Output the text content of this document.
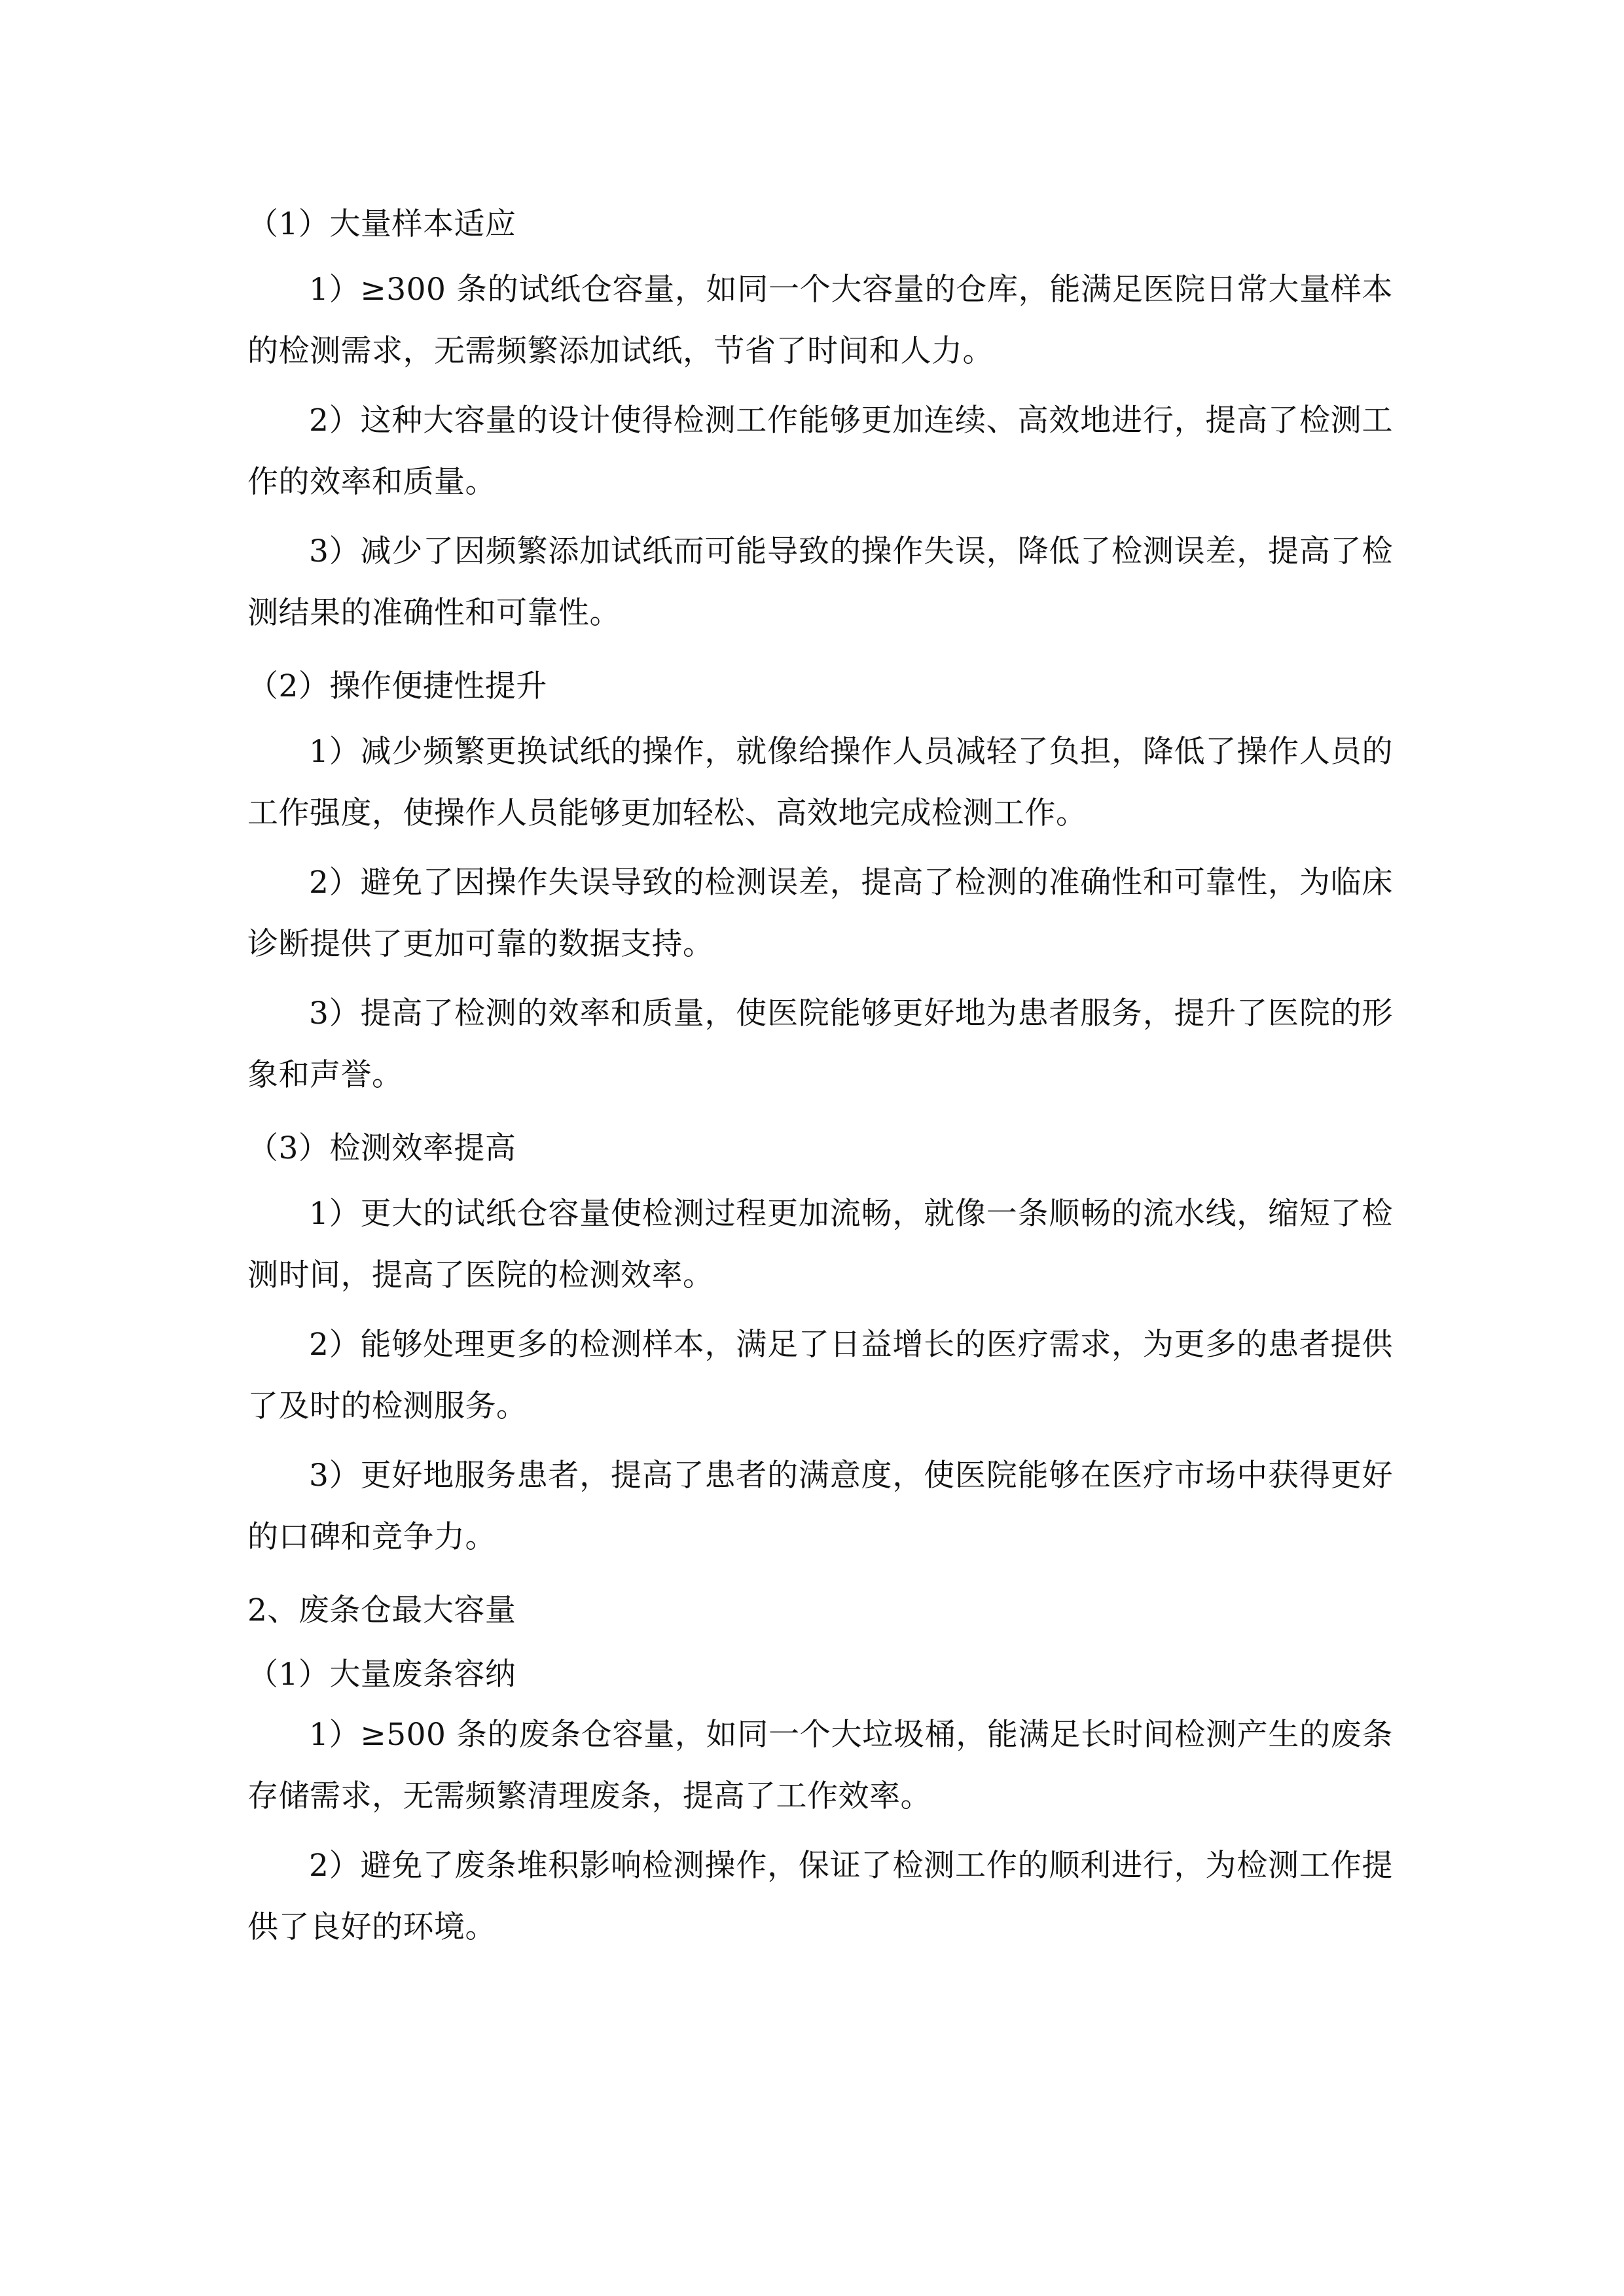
（1）大量样本适应

1）≥300 条的试纸仓容量，如同一个大容量的仓库，能满足医院日常大量样本的检测需求，无需频繁添加试纸，节省了时间和人力。

2）这种大容量的设计使得检测工作能够更加连续、高效地进行，提高了检测工作的效率和质量。

3）减少了因频繁添加试纸而可能导致的操作失误，降低了检测误差，提高了检测结果的准确性和可靠性。

（2）操作便捷性提升

1）减少频繁更换试纸的操作，就像给操作人员减轻了负担，降低了操作人员的工作强度，使操作人员能够更加轻松、高效地完成检测工作。

2）避免了因操作失误导致的检测误差，提高了检测的准确性和可靠性，为临床诊断提供了更加可靠的数据支持。

3）提高了检测的效率和质量，使医院能够更好地为患者服务，提升了医院的形象和声誉。

（3）检测效率提高

1）更大的试纸仓容量使检测过程更加流畅，就像一条顺畅的流水线，缩短了检测时间，提高了医院的检测效率。

2）能够处理更多的检测样本，满足了日益增长的医疗需求，为更多的患者提供了及时的检测服务。

3）更好地服务患者，提高了患者的满意度，使医院能够在医疗市场中获得更好的口碑和竞争力。

2、废条仓最大容量

（1）大量废条容纳

1）≥500 条的废条仓容量，如同一个大垃圾桶，能满足长时间检测产生的废条存储需求，无需频繁清理废条，提高了工作效率。

2）避免了废条堆积影响检测操作，保证了检测工作的顺利进行，为检测工作提供了良好的环境。
